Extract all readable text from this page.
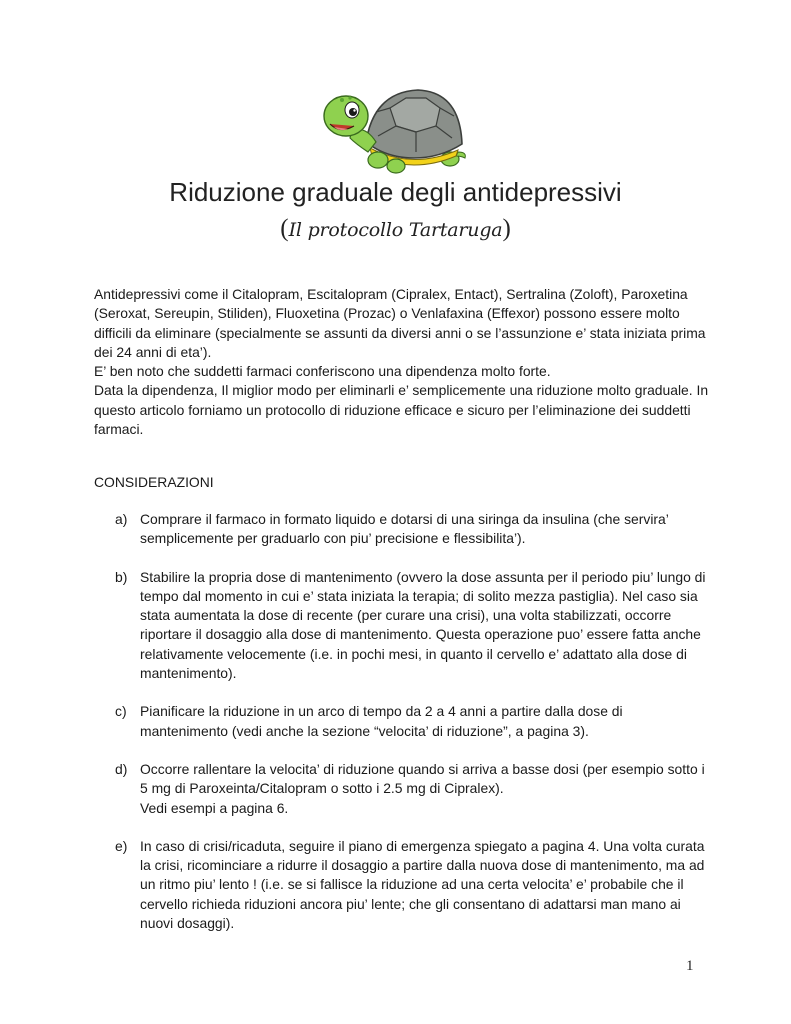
Riduzione graduale degli antidepressivi
(Il protocollo Tartaruga)

Antidepressivi come il Citalopram, Escitalopram (Cipralex, Entact), Sertralina (Zoloft), Paroxetina (Seroxat, Sereupin, Stiliden), Fluoxetina (Prozac) o Venlafaxina (Effexor) possono essere molto difficili da eliminare (specialmente se assunti da diversi anni o se l’assunzione e’ stata iniziata prima dei 24 anni di eta’).

E’ ben noto che suddetti farmaci conferiscono una dipendenza molto forte.

Data la dipendenza, Il miglior modo per eliminarli e’ semplicemente una riduzione molto graduale. In questo articolo forniamo un protocollo di riduzione efficace e sicuro per l’eliminazione dei suddetti farmaci.

CONSIDERAZIONI
a) Comprare il farmaco in formato liquido e dotarsi di una siringa da insulina (che servira’ semplicemente per graduarlo con piu’ precisione e flessibilita’).
b) Stabilire la propria dose di mantenimento (ovvero la dose assunta per il periodo piu’ lungo di tempo dal momento in cui e’ stata iniziata la terapia; di solito mezza pastiglia). Nel caso sia stata aumentata la dose di recente (per curare una crisi), una volta stabilizzati, occorre riportare il dosaggio alla dose di mantenimento. Questa operazione puo’ essere fatta anche relativamente velocemente (i.e. in pochi mesi, in quanto il cervello e’ adattato alla dose di mantenimento).
c) Pianificare la riduzione in un arco di tempo da 2 a 4 anni a partire dalla dose di mantenimento (vedi anche la sezione “velocita’ di riduzione”, a pagina 3).
d) Occorre rallentare la velocita’ di riduzione quando si arriva a basse dosi (per esempio sotto i 5 mg di Paroxeinta/Citalopram o sotto i 2.5 mg di Cipralex).
Vedi esempi a pagina 6.
e) In caso di crisi/ricaduta, seguire il piano di emergenza spiegato a pagina 4. Una volta curata la crisi, ricominciare a ridurre il dosaggio a partire dalla nuova dose di mantenimento, ma ad un ritmo piu’ lento ! (i.e. se si fallisce la riduzione ad una certa velocita’ e’ probabile che il cervello richieda riduzioni ancora piu’ lente; che gli consentano di adattarsi man mano ai nuovi dosaggi).
1
